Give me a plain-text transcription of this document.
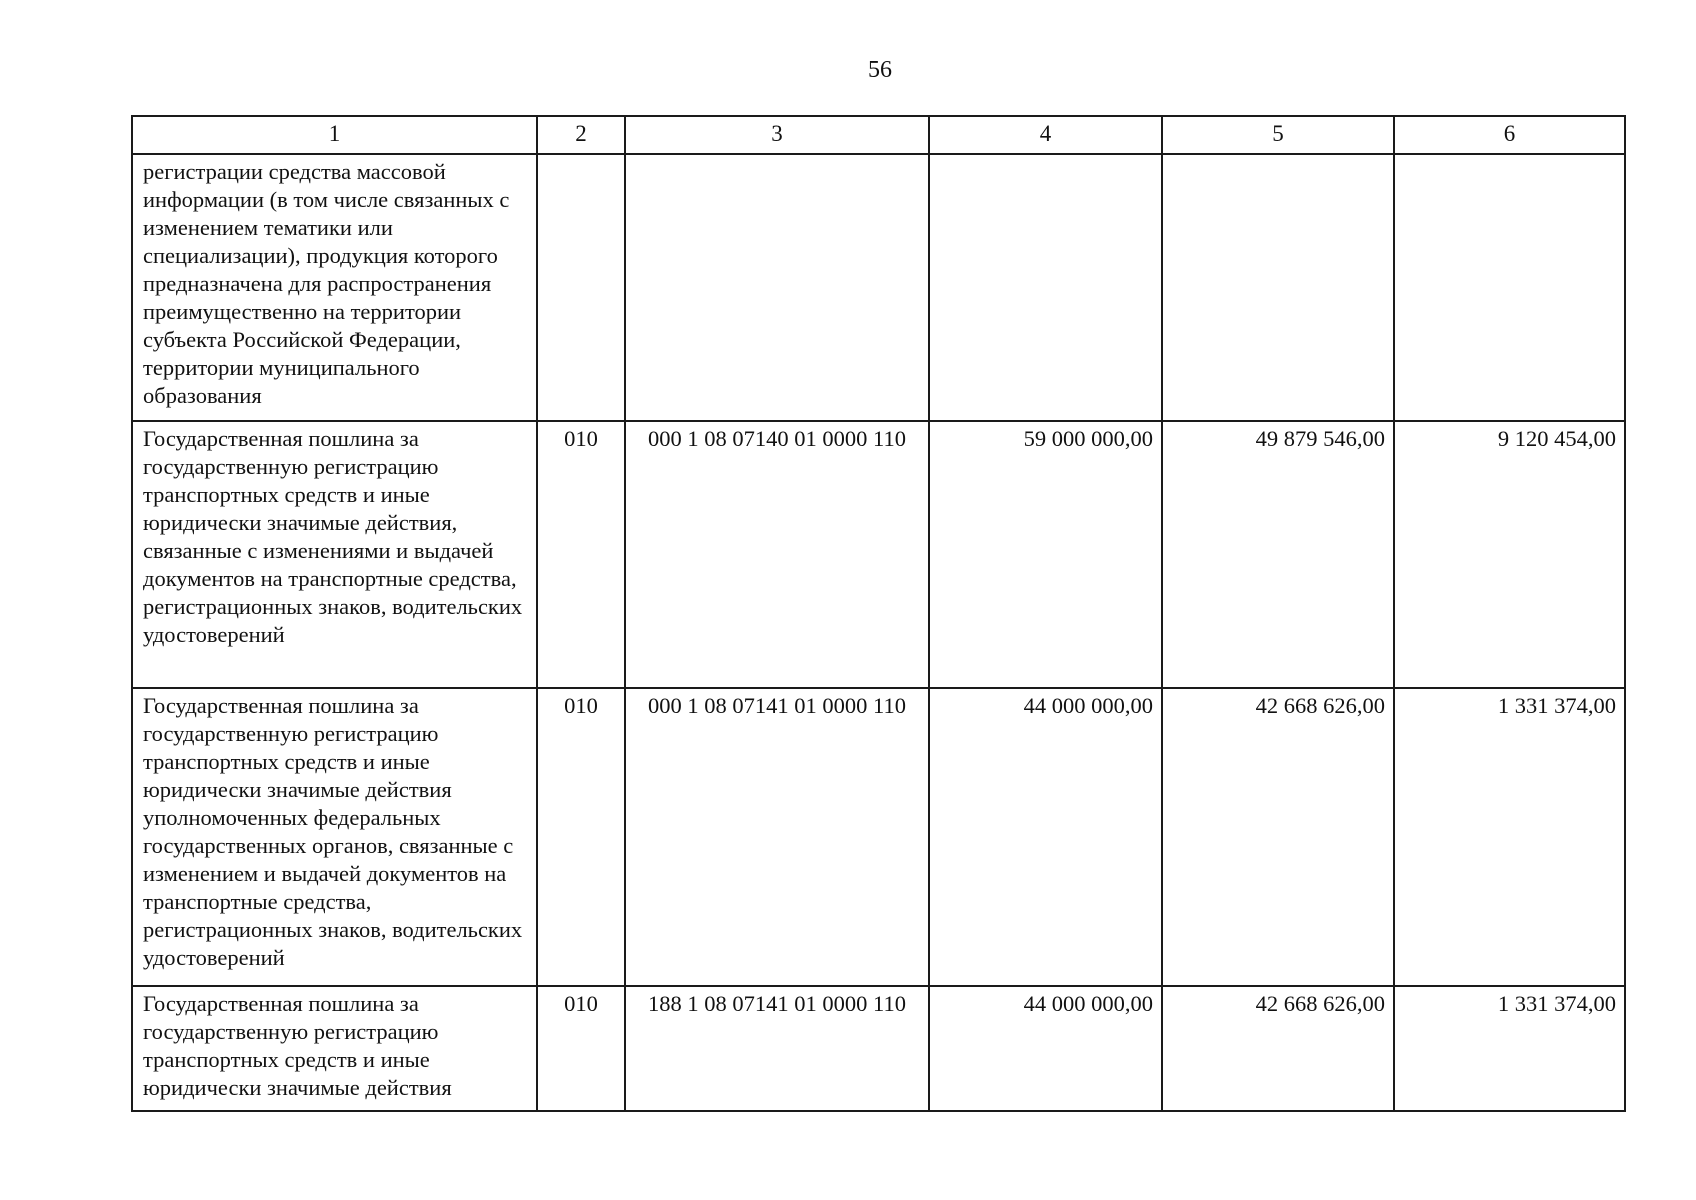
56
1	2	3	4	5	6
регистрации средства массовой информации (в том числе связанных с изменением тематики или специализации), продукция которого предназначена для распространения преимущественно на территории субъекта Российской Федерации, территории муниципального образования					
Государственная пошлина за государственную регистрацию транспортных средств и иные юридически значимые действия, связанные с изменениями и выдачей документов на транспортные средства, регистрационных знаков, водительских удостоверений	010	000 1 08 07140 01 0000 110	59 000 000,00	49 879 546,00	9 120 454,00
Государственная пошлина за государственную регистрацию транспортных средств и иные юридически значимые действия уполномоченных федеральных государственных органов, связанные с изменением и выдачей документов на транспортные средства, регистрационных знаков, водительских удостоверений	010	000 1 08 07141 01 0000 110	44 000 000,00	42 668 626,00	1 331 374,00
Государственная пошлина за государственную регистрацию транспортных средств и иные юридически значимые действия	010	188 1 08 07141 01 0000 110	44 000 000,00	42 668 626,00	1 331 374,00
